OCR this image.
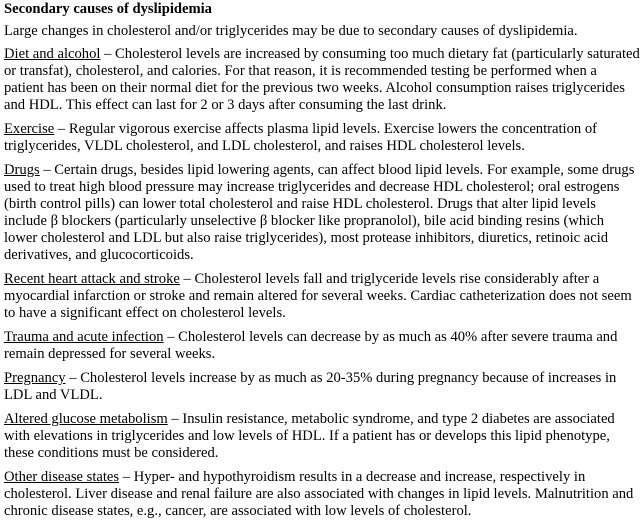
Secondary causes of dyslipidemia
Large changes in cholesterol and/or triglycerides may be due to secondary causes of dyslipidemia.
Diet and alcohol – Cholesterol levels are increased by consuming too much dietary fat (particularly saturated or transfat), cholesterol, and calories. For that reason, it is recommended testing be performed when a patient has been on their normal diet for the previous two weeks. Alcohol consumption raises triglycerides and HDL. This effect can last for 2 or 3 days after consuming the last drink.
Exercise – Regular vigorous exercise affects plasma lipid levels. Exercise lowers the concentration of triglycerides, VLDL cholesterol, and LDL cholesterol, and raises HDL cholesterol levels.
Drugs – Certain drugs, besides lipid lowering agents, can affect blood lipid levels. For example, some drugs used to treat high blood pressure may increase triglycerides and decrease HDL cholesterol; oral estrogens (birth control pills) can lower total cholesterol and raise HDL cholesterol. Drugs that alter lipid levels include β blockers (particularly unselective β blocker like propranolol), bile acid binding resins (which lower cholesterol and LDL but also raise triglycerides), most protease inhibitors, diuretics, retinoic acid derivatives, and glucocorticoids.
Recent heart attack and stroke – Cholesterol levels fall and triglyceride levels rise considerably after a myocardial infarction or stroke and remain altered for several weeks. Cardiac catheterization does not seem to have a significant effect on cholesterol levels.
Trauma and acute infection – Cholesterol levels can decrease by as much as 40% after severe trauma and remain depressed for several weeks.
Pregnancy – Cholesterol levels increase by as much as 20-35% during pregnancy because of increases in LDL and VLDL.
Altered glucose metabolism – Insulin resistance, metabolic syndrome, and type 2 diabetes are associated with elevations in triglycerides and low levels of HDL. If a patient has or develops this lipid phenotype, these conditions must be considered.
Other disease states – Hyper- and hypothyroidism results in a decrease and increase, respectively in cholesterol. Liver disease and renal failure are also associated with changes in lipid levels. Malnutrition and chronic disease states, e.g., cancer, are associated with low levels of cholesterol.
